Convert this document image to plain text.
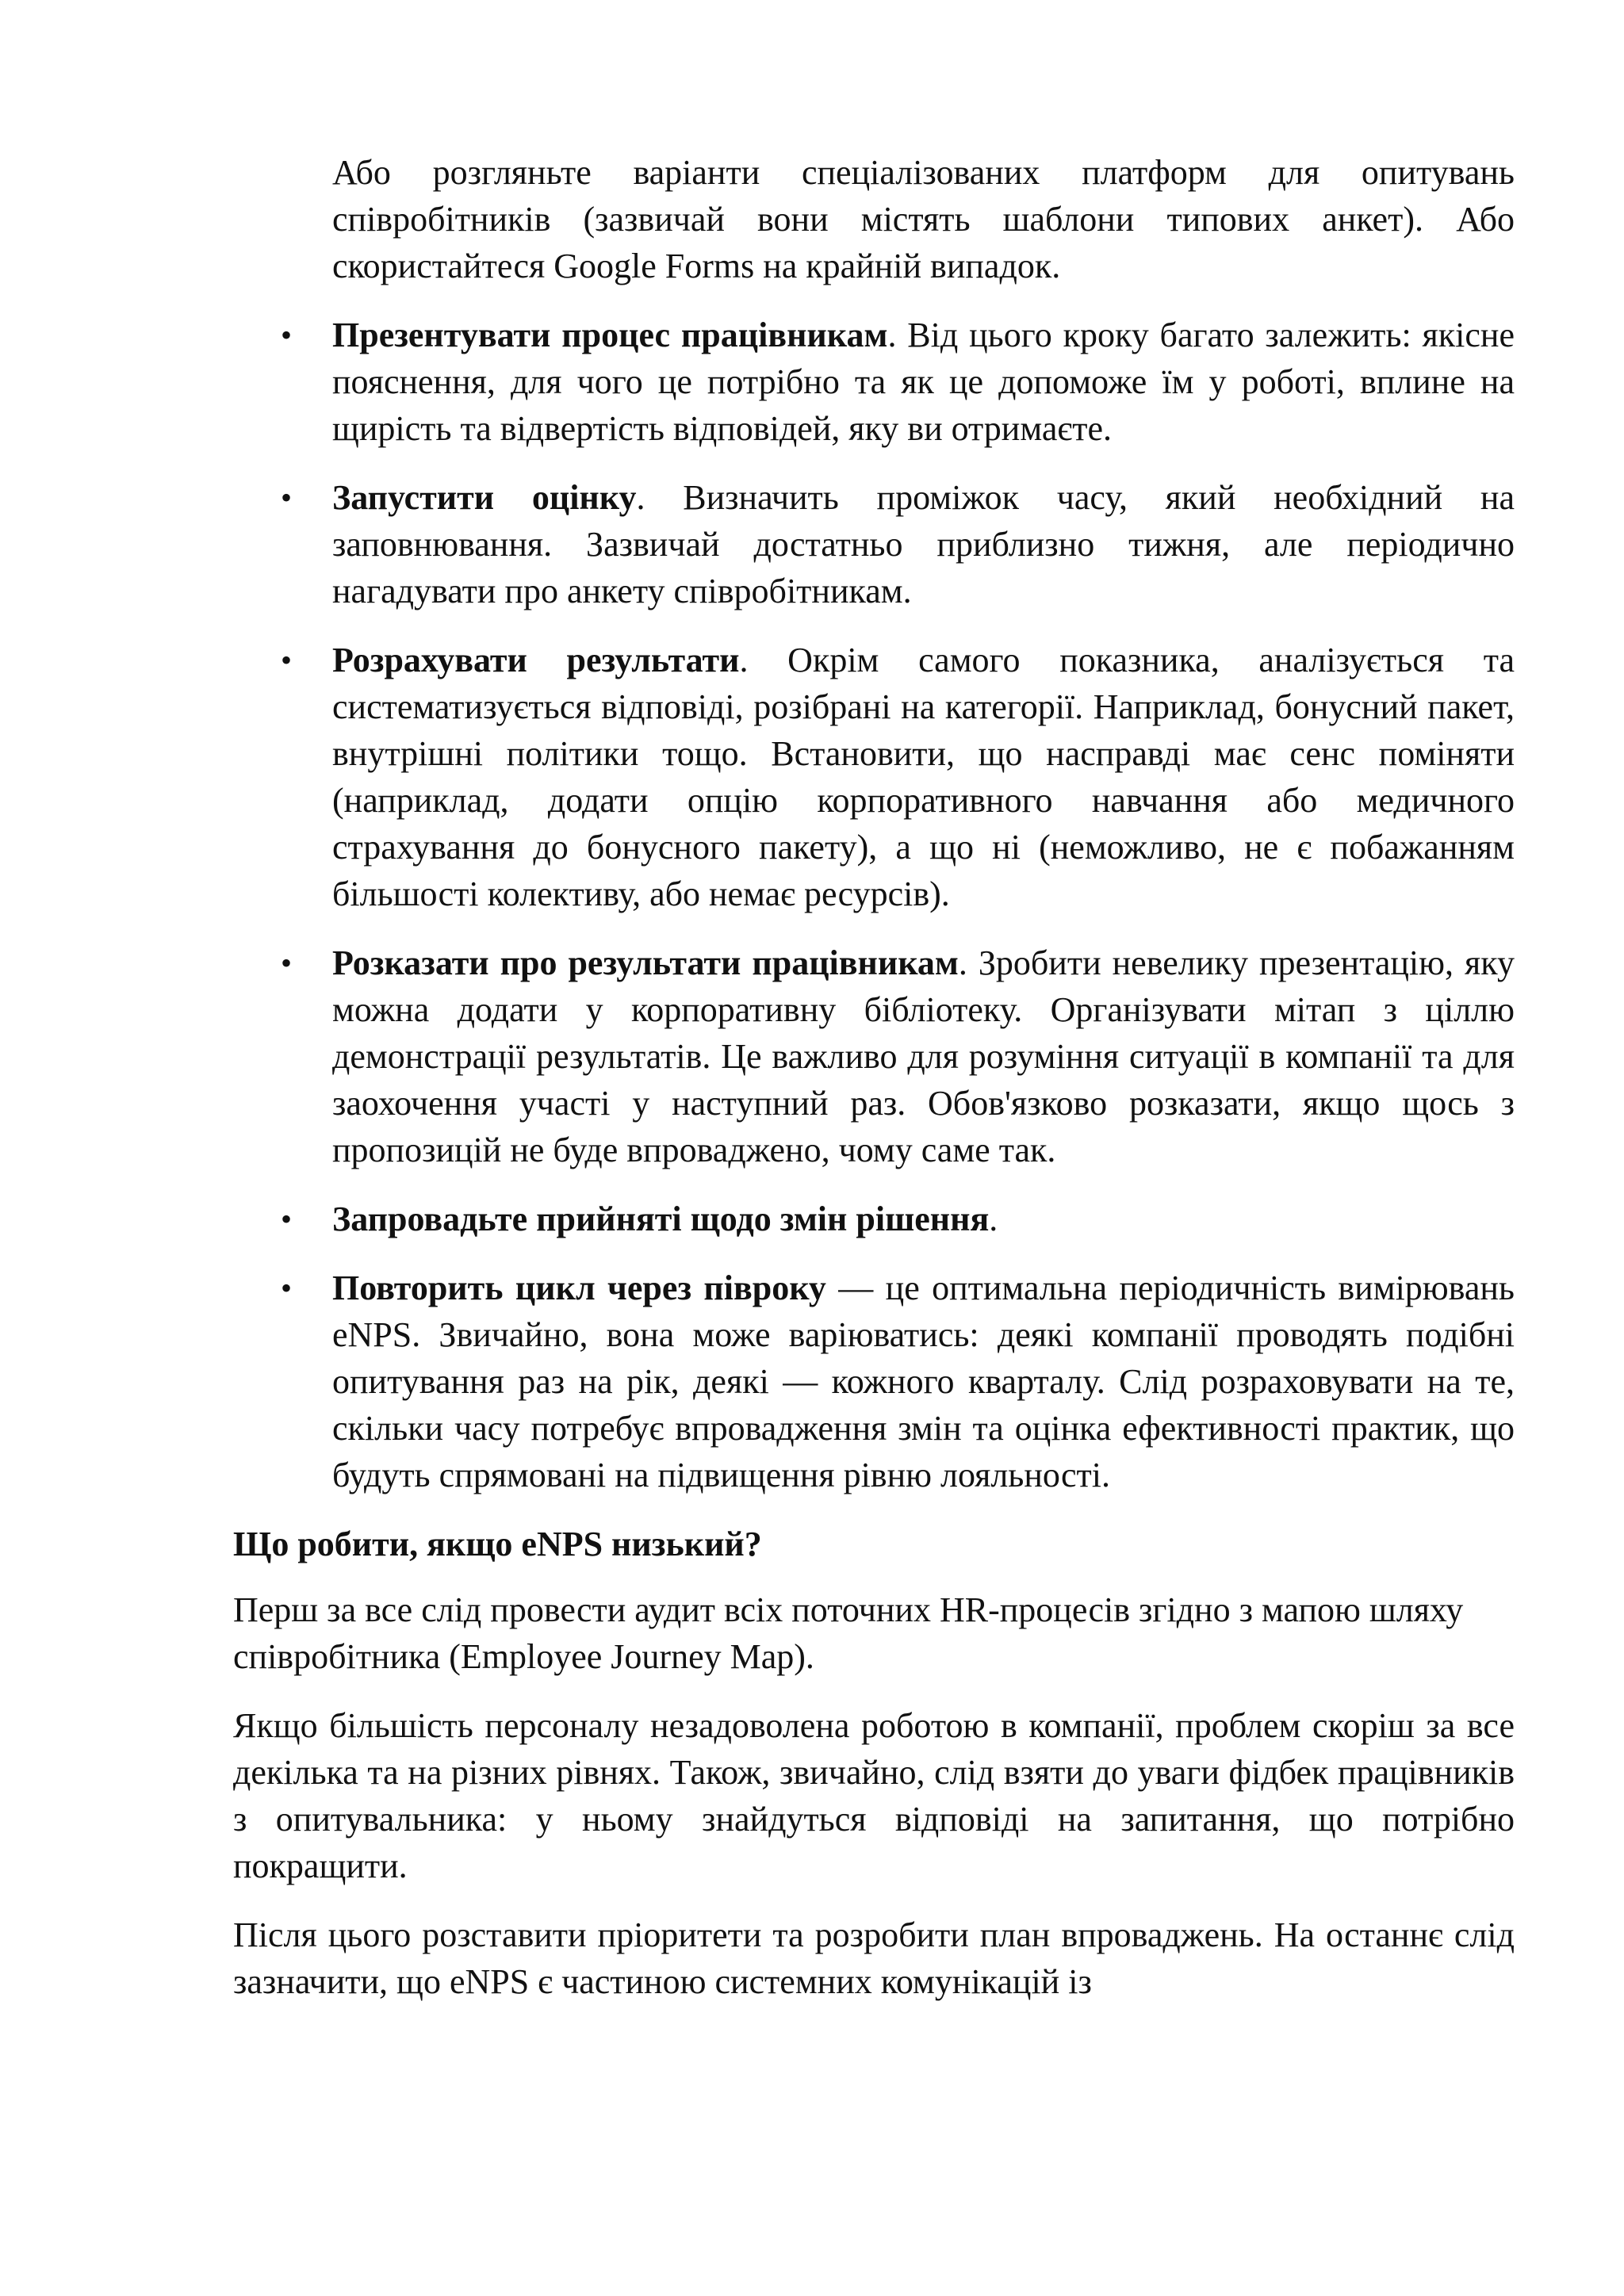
Або розгляньте варіанти спеціалізованих платформ для опитувань співробітників (зазвичай вони містять шаблони типових анкет). Або скористайтеся Google Forms на крайній випадок.

• Презентувати процес працівникам. Від цього кроку багато залежить: якісне пояснення, для чого це потрібно та як це допоможе їм у роботі, вплине на щирість та відвертість відповідей, яку ви отримаєте.
• Запустити оцінку. Визначить проміжок часу, який необхідний на заповнювання. Зазвичай достатньо приблизно тижня, але періодично нагадувати про анкету співробітникам.
• Розрахувати результати. Окрім самого показника, аналізується та систематизується відповіді, розібрані на категорії. Наприклад, бонусний пакет, внутрішні політики тощо. Встановити, що насправді має сенс поміняти (наприклад, додати опцію корпоративного навчання або медичного страхування до бонусного пакету), а що ні (неможливо, не є побажанням більшості колективу, або немає ресурсів).
• Розказати про результати працівникам. Зробити невелику презентацію, яку можна додати у корпоративну бібліотеку. Організувати мітап з ціллю демонстрації результатів. Це важливо для розуміння ситуації в компанії та для заохочення участі у наступний раз. Обов'язково розказати, якщо щось з пропозицій не буде впроваджено, чому саме так.
• Запровадьте прийняті щодо змін рішення.
• Повторить цикл через півроку — це оптимальна періодичність вимірювань eNPS. Звичайно, вона може варіюватись: деякі компанії проводять подібні опитування раз на рік, деякі — кожного кварталу. Слід розраховувати на те, скільки часу потребує впровадження змін та оцінка ефективності практик, що будуть спрямовані на підвищення рівню лояльності.
Що робити, якщо eNPS низький?

Перш за все слід провести аудит всіх поточних HR-процесів згідно з мапою шляху співробітника (Employee Journey Map).

Якщо більшість персоналу незадоволена роботою в компанії, проблем скоріш за все декілька та на різних рівнях. Також, звичайно, слід взяти до уваги фідбек працівників з опитувальника: у ньому знайдуться відповіді на запитання, що потрібно покращити.

Після цього розставити пріоритети та розробити план впроваджень. На останнє слід зазначити, що eNPS є частиною системних комунікацій із
